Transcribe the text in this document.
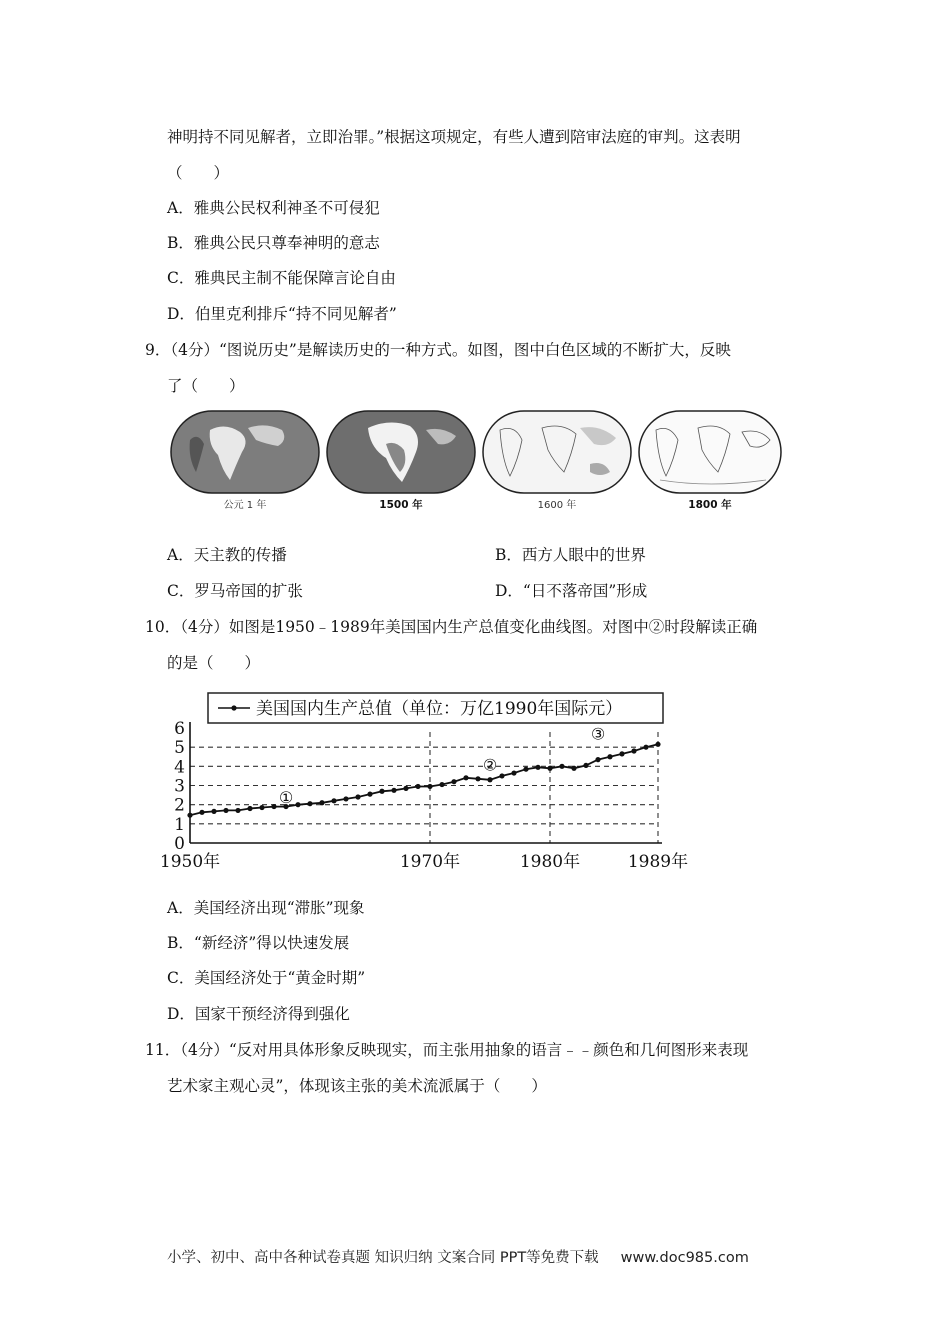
神明持不同见解者，立即治罪。”根据这项规定，有些人遭到陪审法庭的审判。这表明
（　　）
A．雅典公民权利神圣不可侵犯
B．雅典公民只尊奉神明的意志
C．雅典民主制不能保障言论自由
D．伯里克利排斥“持不同见解者”
9．（4分）“图说历史”是解读历史的一种方式。如图，图中白色区域的不断扩大，反映
了（　　）
公元 1 年	1500 年	1600 年	1800 年
A．天主教的传播	B．西方人眼中的世界
C．罗马帝国的扩张	D．“日不落帝国”形成
10．（4分）如图是1950﹣1989年美国国内生产总值变化曲线图。对图中②时段解读正确
的是（　　）
美国国内生产总值（单位：万亿1990年国际元）
0
1
2
3
4
5
6
1950年	1970年	1980年	1989年
①
②
③
A．美国经济出现“滞胀”现象
B．“新经济”得以快速发展
C．美国经济处于“黄金时期”
D．国家干预经济得到强化
11．（4分）“反对用具体形象反映现实，而主张用抽象的语言﹣﹣颜色和几何图形来表现
艺术家主观心灵”，体现该主张的美术流派属于（　　）
小学、初中、高中各种试卷真题 知识归纳 文案合同 PPT等免费下载 www.doc985.com
